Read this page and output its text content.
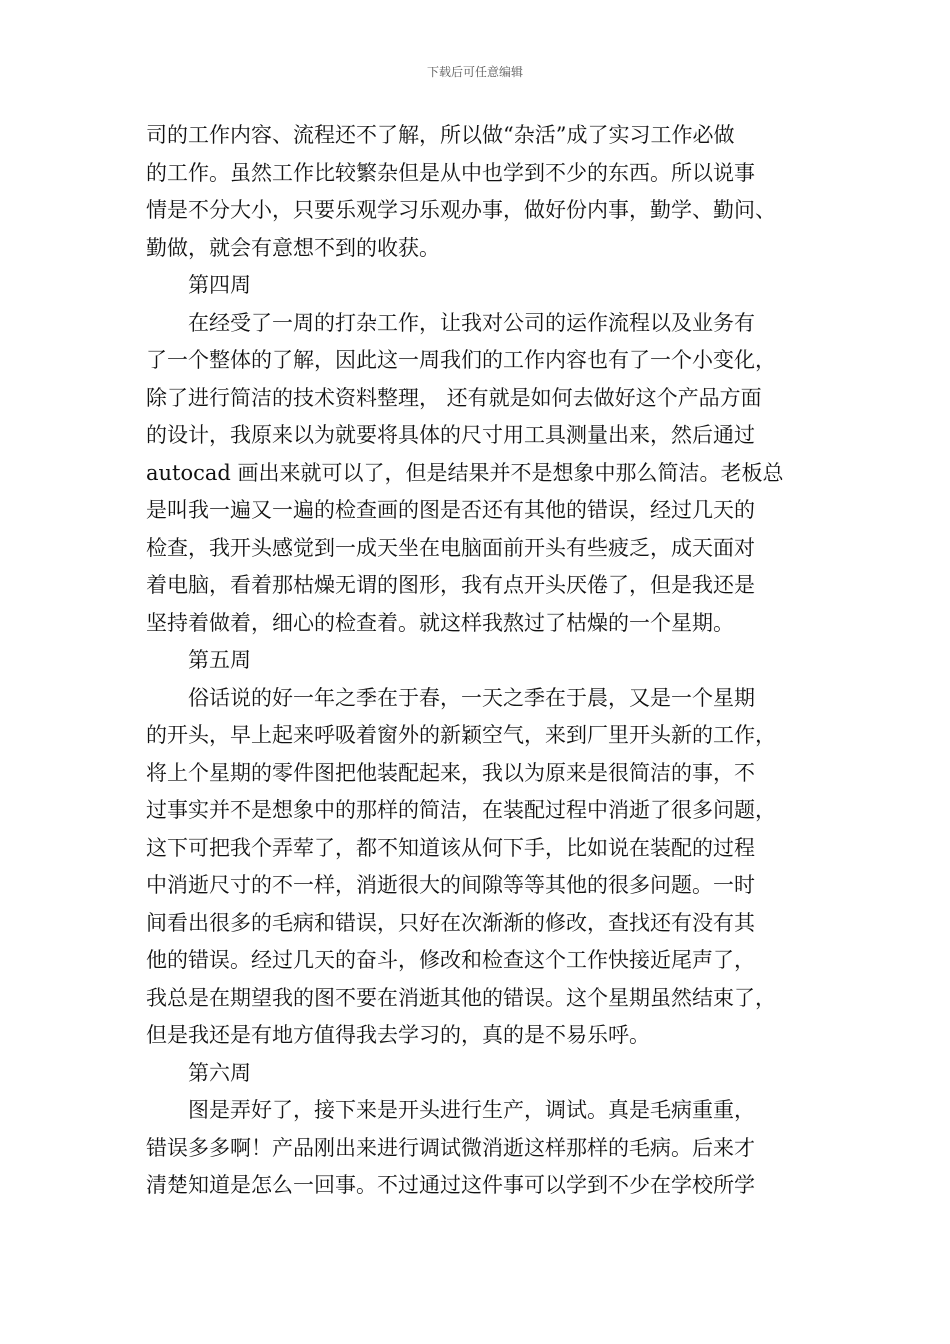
下载后可任意编辑
司的工作内容、流程还不了解，所以做“杂活”成了实习工作必做
的工作。虽然工作比较繁杂但是从中也学到不少的东西。所以说事
情是不分大小，只要乐观学习乐观办事，做好份内事，勤学、勤问、
勤做，就会有意想不到的收获。
第四周
在经受了一周的打杂工作，让我对公司的运作流程以及业务有
了一个整体的了解，因此这一周我们的工作内容也有了一个小变化，
除了进行简洁的技术资料整理， 还有就是如何去做好这个产品方面
的设计，我原来以为就要将具体的尺寸用工具测量出来，然后通过
autocad 画出来就可以了，但是结果并不是想象中那么简洁。老板总
是叫我一遍又一遍的检查画的图是否还有其他的错误，经过几天的
检查，我开头感觉到一成天坐在电脑面前开头有些疲乏，成天面对
着电脑，看着那枯燥无谓的图形，我有点开头厌倦了，但是我还是
坚持着做着，细心的检查着。就这样我熬过了枯燥的一个星期。
第五周
俗话说的好一年之季在于春，一天之季在于晨，又是一个星期
的开头，早上起来呼吸着窗外的新颖空气，来到厂里开头新的工作，
将上个星期的零件图把他装配起来，我以为原来是很简洁的事，不
过事实并不是想象中的那样的简洁，在装配过程中消逝了很多问题，
这下可把我个弄荤了，都不知道该从何下手，比如说在装配的过程
中消逝尺寸的不一样，消逝很大的间隙等等其他的很多问题。一时
间看出很多的毛病和错误，只好在次渐渐的修改，查找还有没有其
他的错误。经过几天的奋斗，修改和检查这个工作快接近尾声了，
我总是在期望我的图不要在消逝其他的错误。这个星期虽然结束了，
但是我还是有地方值得我去学习的，真的是不易乐呼。
第六周
图是弄好了，接下来是开头进行生产，调试。真是毛病重重，
错误多多啊！产品刚出来进行调试微消逝这样那样的毛病。后来才
清楚知道是怎么一回事。不过通过这件事可以学到不少在学校所学
